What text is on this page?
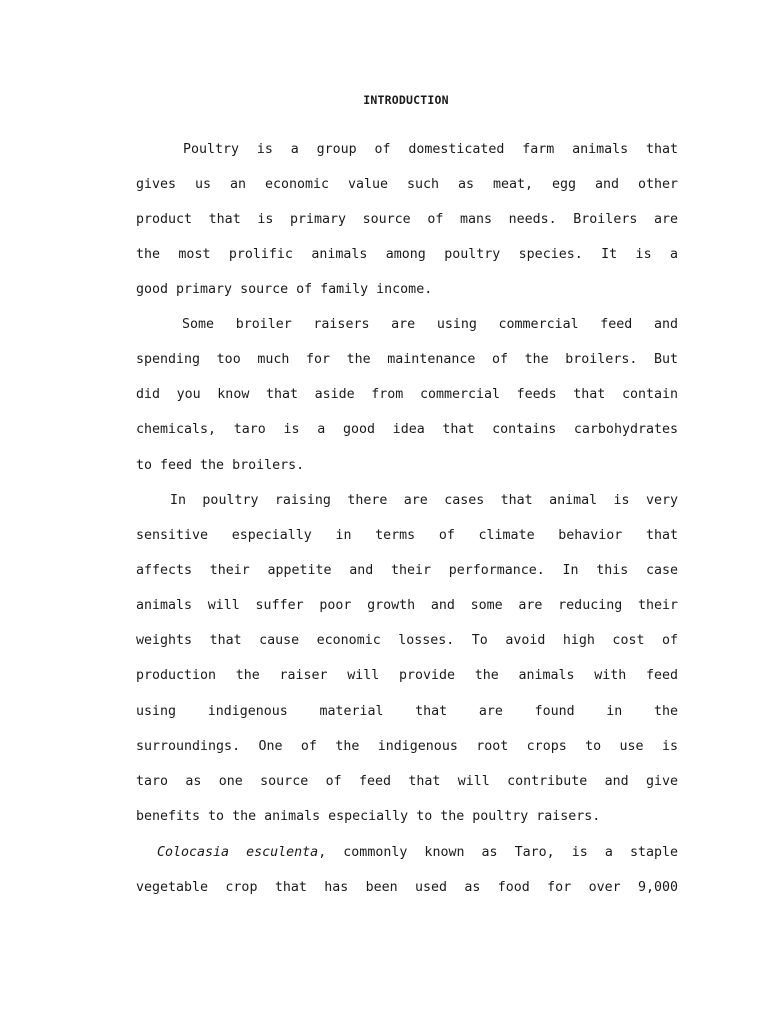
INTRODUCTION
Poultry is a group of domesticated farm animals that
gives us an economic value such as meat, egg and other
product that is primary source of mans needs. Broilers are
the most prolific animals among poultry species. It is a
good primary source of family income.
Some broiler raisers are using commercial feed and
spending too much for the maintenance of the broilers. But
did you know that aside from commercial feeds that contain
chemicals, taro is a good idea that contains carbohydrates
to feed the broilers.
In poultry raising there are cases that animal is very
sensitive especially in terms of climate behavior that
affects their appetite and their performance. In this case
animals will suffer poor growth and some are reducing their
weights that cause economic losses. To avoid high cost of
production the raiser will provide the animals with feed
using indigenous material that are found in the
surroundings. One of the indigenous root crops to use is
taro as one source of feed that will contribute and give
benefits to the animals especially to the poultry raisers.
Colocasia esculenta, commonly known as Taro, is a staple
vegetable crop that has been used as food for over 9,000
